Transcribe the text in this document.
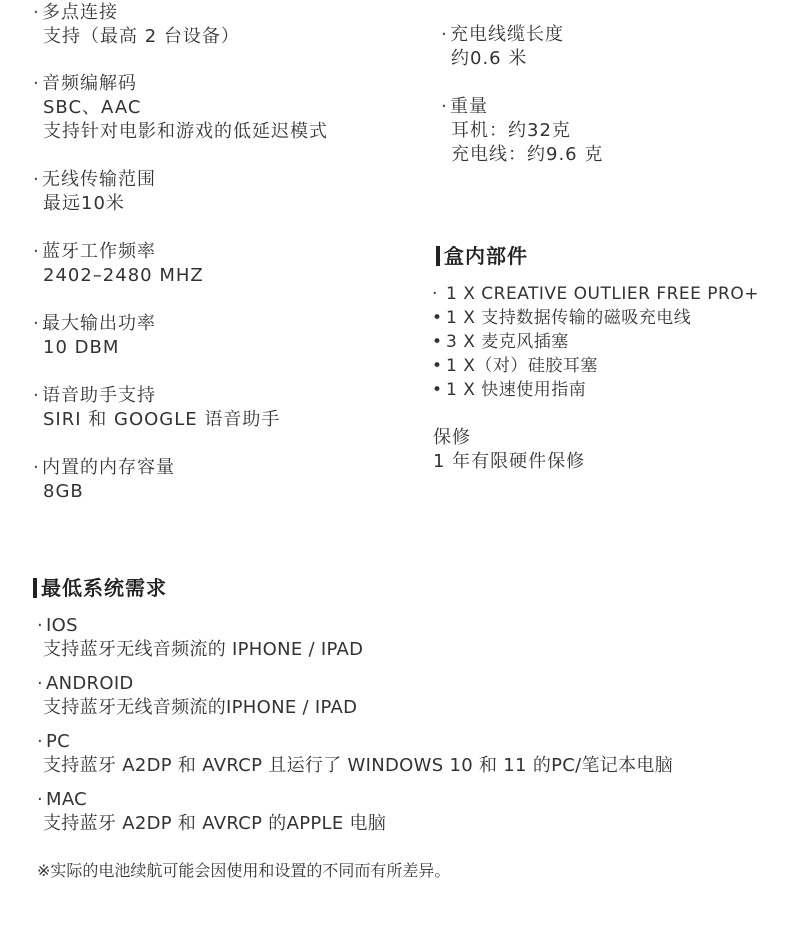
· 多点连接
支持（最高 2 台设备）
· 音频编解码
SBC、AAC
支持针对电影和游戏的低延迟模式
· 无线传输范围
最远10米
· 蓝牙工作频率
2402–2480 MHZ
· 最大输出功率
10 DBM
· 语音助手支持
SIRI 和 GOOGLE 语音助手
· 内置的内存容量
8GB
· 充电线缆长度
约0.6 米
· 重量
耳机：约32克
充电线：约9.6 克
盒内部件
· 1 X CREATIVE OUTLIER FREE PRO+
• 1 X 支持数据传输的磁吸充电线
• 3 X 麦克风插塞
• 1 X（对）硅胶耳塞
• 1 X 快速使用指南
保修
1 年有限硬件保修
最低系统需求
· IOS
支持蓝牙无线音频流的 IPHONE / IPAD
· ANDROID
支持蓝牙无线音频流的IPHONE / IPAD
· PC
支持蓝牙 A2DP 和 AVRCP 且运行了 WINDOWS 10 和 11 的PC/笔记本电脑
· MAC
支持蓝牙 A2DP 和 AVRCP 的APPLE 电脑
※实际的电池续航可能会因使用和设置的不同而有所差异。
